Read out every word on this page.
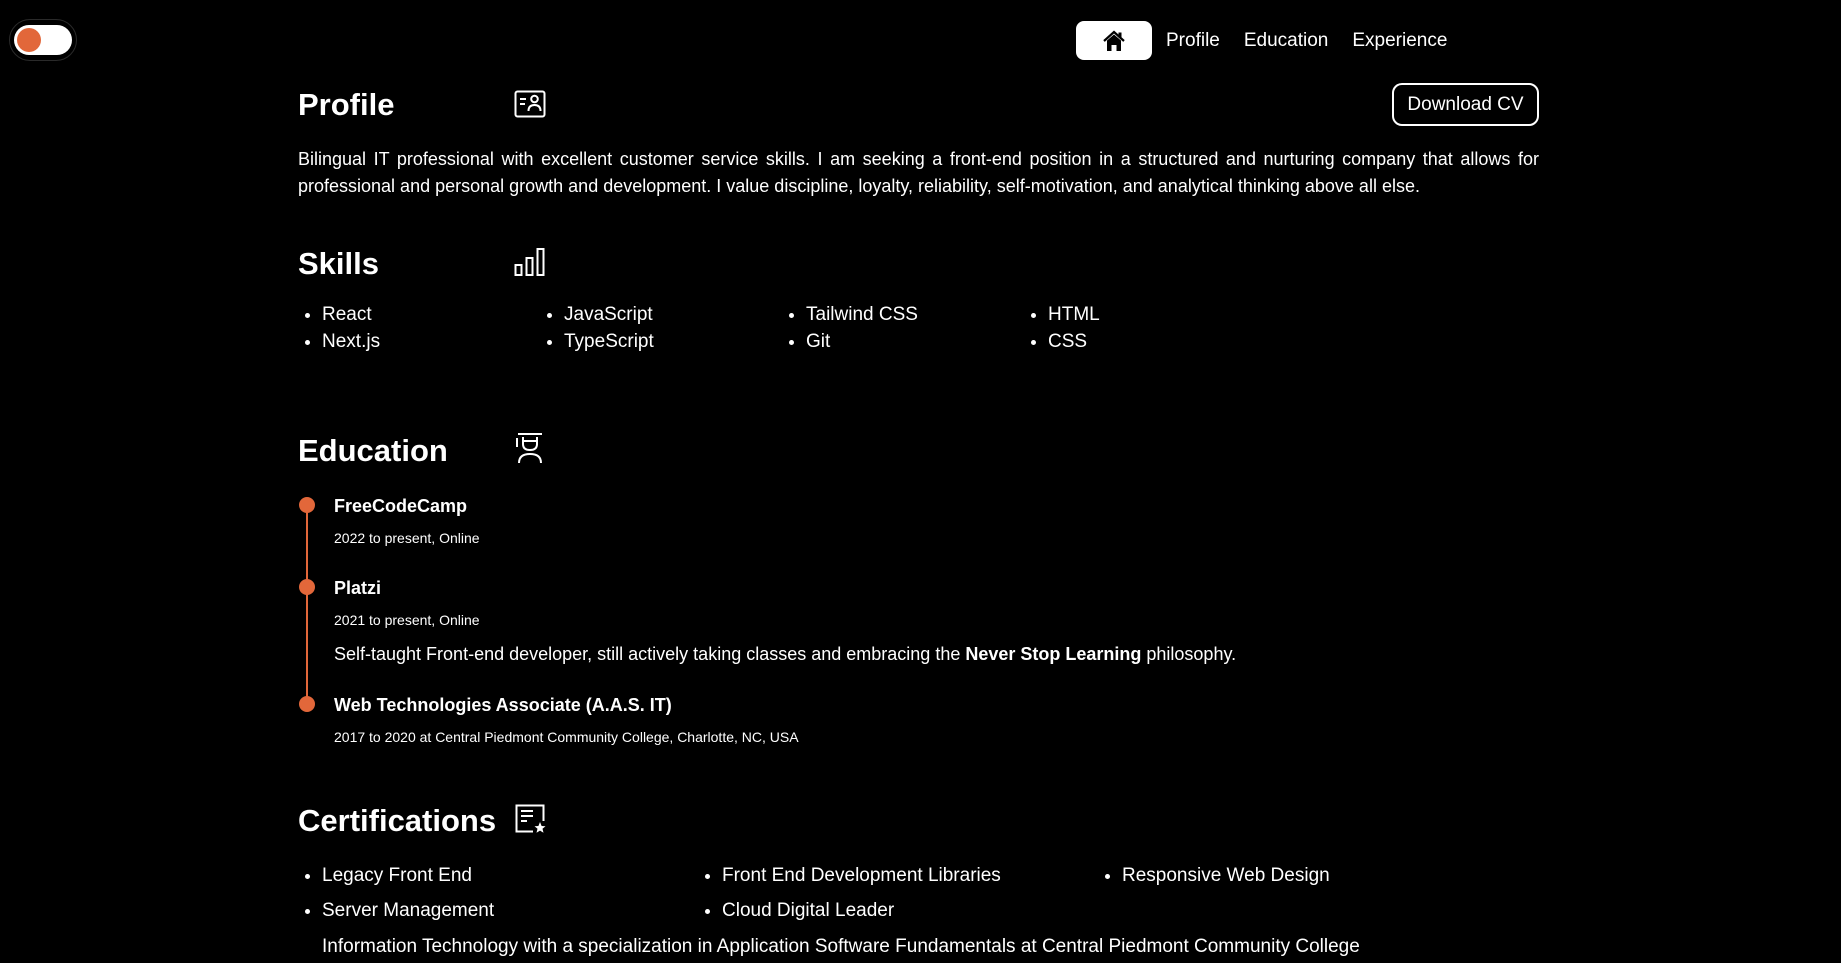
Profile Education Experience
Profile	Download CV

Bilingual IT professional with excellent customer service skills. I am seeking a front-end position in a structured and nurturing company that allows for professional and personal growth and development. I value discipline, loyalty, reliability, self-motivation, and analytical thinking above all else.

Skills
React	JavaScript	Tailwind CSS	HTML
Next.js	TypeScript	Git	CSS
Education
FreeCodeCamp
2022 to present, Online
Platzi
2021 to present, Online
Self-taught Front-end developer, still actively taking classes and embracing the Never Stop Learning philosophy.
Web Technologies Associate (A.A.S. IT)
2017 to 2020 at Central Piedmont Community College, Charlotte, NC, USA
Certifications
Legacy Front End	Front End Development Libraries	Responsive Web Design
Server Management	Cloud Digital Leader
Information Technology with a specialization in Application Software Fundamentals at Central Piedmont Community College
